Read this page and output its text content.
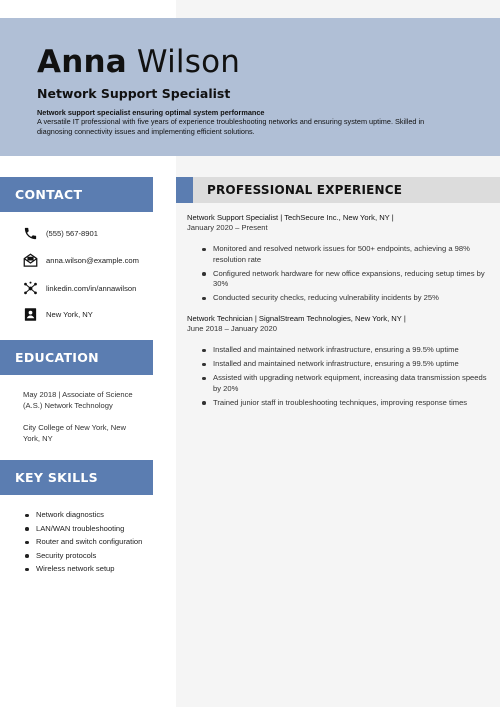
Anna Wilson
Network Support Specialist
Network support specialist ensuring optimal system performance
A versatile IT professional with five years of experience troubleshooting networks and ensuring system uptime. Skilled in diagnosing connectivity issues and implementing efficient solutions.
CONTACT
(555) 567-8901
anna.wilson@example.com
linkedin.com/in/annawilson
New York, NY
EDUCATION
May 2018 | Associate of Science (A.S.) Network Technology
City College of New York, New York, NY
KEY SKILLS
Network diagnostics
LAN/WAN troubleshooting
Router and switch configuration
Security protocols
Wireless network setup
PROFESSIONAL EXPERIENCE
Network Support Specialist | TechSecure Inc., New York, NY |
January 2020 – Present
Monitored and resolved network issues for 500+ endpoints, achieving a 98% resolution rate
Configured network hardware for new office expansions, reducing setup times by 30%
Conducted security checks, reducing vulnerability incidents by 25%
Network Technician | SignalStream Technologies, New York, NY |
June 2018 – January 2020
Installed and maintained network infrastructure, ensuring a 99.5% uptime
Installed and maintained network infrastructure, ensuring a 99.5% uptime
Assisted with upgrading network equipment, increasing data transmission speeds by 20%
Trained junior staff in troubleshooting techniques, improving response times
